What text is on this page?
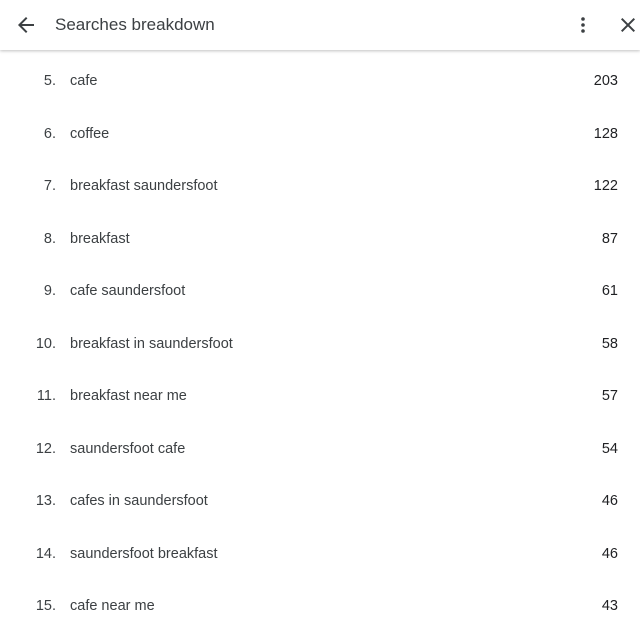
Searches breakdown
5. cafe	203
6. coffee	128
7. breakfast saundersfoot	122
8. breakfast	87
9. cafe saundersfoot	61
10. breakfast in saundersfoot	58
11. breakfast near me	57
12. saundersfoot cafe	54
13. cafes in saundersfoot	46
14. saundersfoot breakfast	46
15. cafe near me	43
